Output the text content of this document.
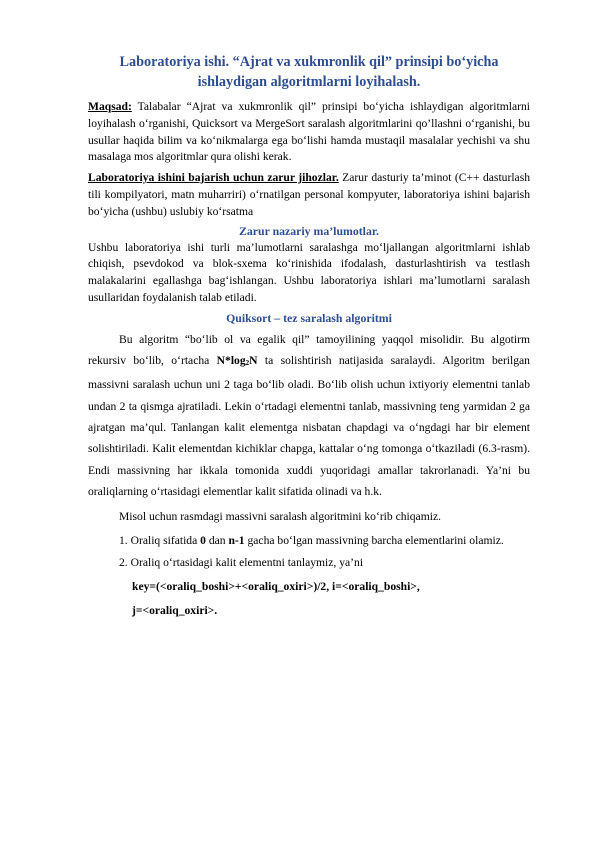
Laboratoriya ishi. “Ajrat va xukmronlik qil” prinsipi bo‘yicha
ishlaydigan algoritmlarni loyihalash.

Maqsad: Talabalar “Ajrat va xukmronlik qil” prinsipi bo‘yicha ishlaydigan algoritmlarni loyihalash o‘rganishi, Quicksort va MergeSort saralash algoritmlarini qo’llashni o‘rganishi, bu usullar haqida bilim va ko‘nikmalarga ega bo‘lishi hamda mustaqil masalalar yechishi va shu masalaga mos algoritmlar qura olishi kerak.

Laboratoriya ishini bajarish uchun zarur jihozlar. Zarur dasturiy ta’minot (C++ dasturlash tili kompilyatori, matn muharriri) o‘rnatilgan personal kompyuter, laboratoriya ishini bajarish bo‘yicha (ushbu) uslubiy ko‘rsatma

Zarur nazariy ma’lumotlar.

Ushbu laboratoriya ishi turli ma’lumotlarni saralashga mo‘ljallangan algoritmlarni ishlab chiqish, psevdokod va blok-sxema ko‘rinishida ifodalash, dasturlashtirish va testlash malakalarini egallashga bag‘ishlangan. Ushbu laboratoriya ishlari ma’lumotlarni saralash usullaridan foydalanish talab etiladi.

Quiksort – tez saralash algoritmi

Bu algoritm “bo‘lib ol va egalik qil” tamoyilining yaqqol misolidir. Bu algotirm rekursiv bo‘lib, o‘rtacha $N*\log_2N$ ta solishtirish natijasida saralaydi. Algoritm berilgan massivni saralash uchun uni 2 taga bo‘lib oladi. Bo‘lib olish uchun ixtiyoriy elementni tanlab undan 2 ta qismga ajratiladi. Lekin o‘rtadagi elementni tanlab, massivning teng yarmidan 2 ga ajratgan ma’qul. Tanlangan kalit elementga nisbatan chapdagi va o‘ngdagi har bir element solishtiriladi. Kalit elementdan kichiklar chapga, kattalar o‘ng tomonga o‘tkaziladi (6.3-rasm). Endi massivning har ikkala tomonida xuddi yuqoridagi amallar takrorlanadi. Ya’ni bu oraliqlarning o‘rtasidagi elementlar kalit sifatida olinadi va h.k.

Misol uchun rasmdagi massivni saralash algoritmini ko‘rib chiqamiz.

1. Oraliq sifatida 0 dan n-1 gacha bo‘lgan massivning barcha elementlarini olamiz.

2. Oraliq o‘rtasidagi kalit elementni tanlaymiz, ya’ni

key=(<oraliq_boshi>+<oraliq_oxiri>)/2, i=<oraliq_boshi>,

j=<oraliq_oxiri>.
